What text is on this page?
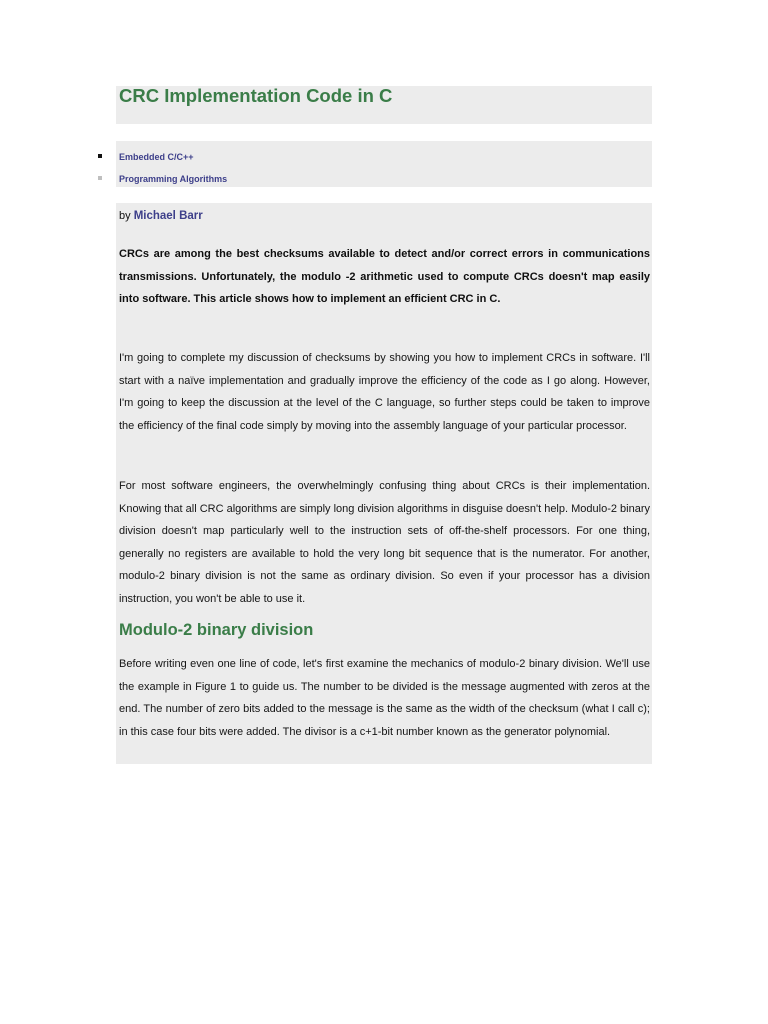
CRC Implementation Code in C
Embedded C/C++
Programming Algorithms
by Michael Barr

CRCs are among the best checksums available to detect and/or correct errors in communications transmissions. Unfortunately, the modulo -2 arithmetic used to compute CRCs doesn't map easily into software. This article shows how to implement an efficient CRC in C.

I'm going to complete my discussion of checksums by showing you how to implement CRCs in software. I'll start with a naïve implementation and gradually improve the efficiency of the code as I go along. However, I'm going to keep the discussion at the level of the C language, so further steps could be taken to improve the efficiency of the final code simply by moving into the assembly language of your particular processor.

For most software engineers, the overwhelmingly confusing thing about CRCs is their implementation. Knowing that all CRC algorithms are simply long division algorithms in disguise doesn't help. Modulo-2 binary division doesn't map particularly well to the instruction sets of off-the-shelf processors. For one thing, generally no registers are available to hold the very long bit sequence that is the numerator. For another, modulo-2 binary division is not the same as ordinary division. So even if your processor has a division instruction, you won't be able to use it.

Modulo-2 binary division

Before writing even one line of code, let's first examine the mechanics of modulo-2 binary division. We'll use the example in Figure 1 to guide us. The number to be divided is the message augmented with zeros at the end. The number of zero bits added to the message is the same as the width of the checksum (what I call c); in this case four bits were added. The divisor is a c+1-bit number known as the generator polynomial.
